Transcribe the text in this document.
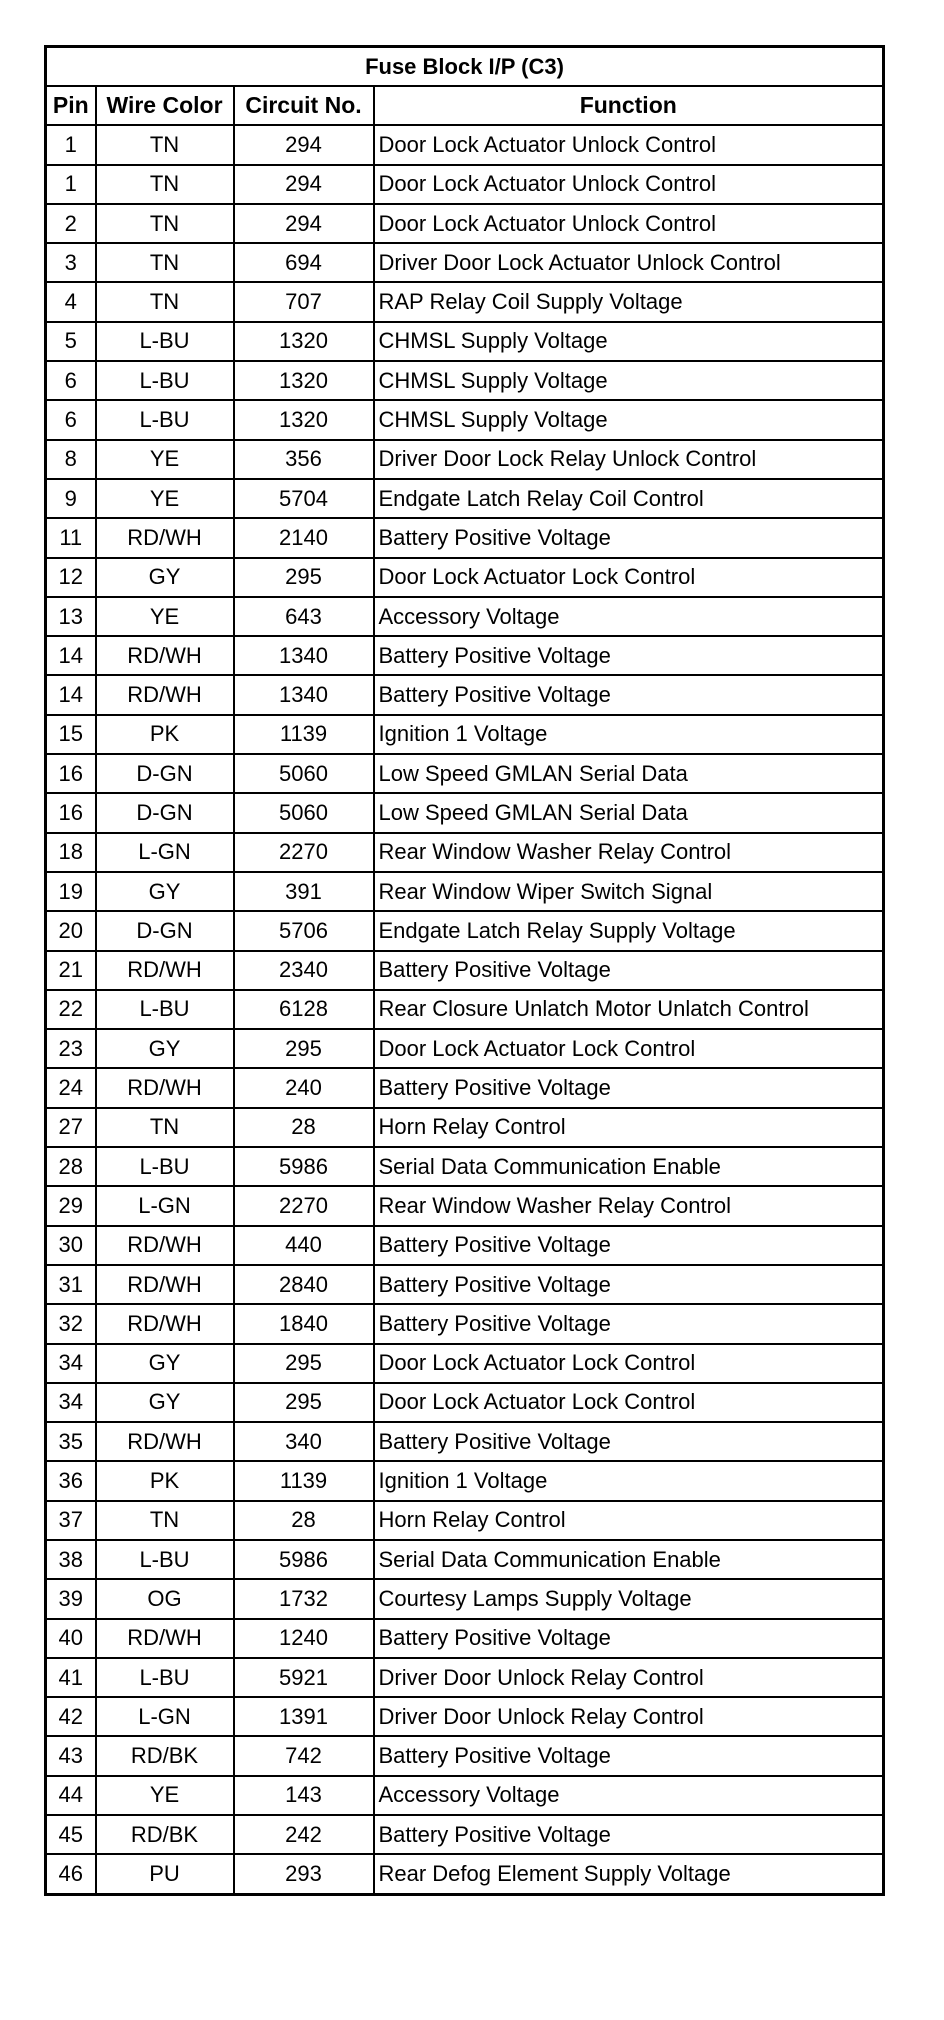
Fuse Block I/P (C3)			
Pin	Wire Color	Circuit No.	Function
1	TN	294	Door Lock Actuator Unlock Control
1	TN	294	Door Lock Actuator Unlock Control
2	TN	294	Door Lock Actuator Unlock Control
3	TN	694	Driver Door Lock Actuator Unlock Control
4	TN	707	RAP Relay Coil Supply Voltage
5	L-BU	1320	CHMSL Supply Voltage
6	L-BU	1320	CHMSL Supply Voltage
6	L-BU	1320	CHMSL Supply Voltage
8	YE	356	Driver Door Lock Relay Unlock Control
9	YE	5704	Endgate Latch Relay Coil Control
11	RD/WH	2140	Battery Positive Voltage
12	GY	295	Door Lock Actuator Lock Control
13	YE	643	Accessory Voltage
14	RD/WH	1340	Battery Positive Voltage
14	RD/WH	1340	Battery Positive Voltage
15	PK	1139	Ignition 1 Voltage
16	D-GN	5060	Low Speed GMLAN Serial Data
16	D-GN	5060	Low Speed GMLAN Serial Data
18	L-GN	2270	Rear Window Washer Relay Control
19	GY	391	Rear Window Wiper Switch Signal
20	D-GN	5706	Endgate Latch Relay Supply Voltage
21	RD/WH	2340	Battery Positive Voltage
22	L-BU	6128	Rear Closure Unlatch Motor Unlatch Control
23	GY	295	Door Lock Actuator Lock Control
24	RD/WH	240	Battery Positive Voltage
27	TN	28	Horn Relay Control
28	L-BU	5986	Serial Data Communication Enable
29	L-GN	2270	Rear Window Washer Relay Control
30	RD/WH	440	Battery Positive Voltage
31	RD/WH	2840	Battery Positive Voltage
32	RD/WH	1840	Battery Positive Voltage
34	GY	295	Door Lock Actuator Lock Control
34	GY	295	Door Lock Actuator Lock Control
35	RD/WH	340	Battery Positive Voltage
36	PK	1139	Ignition 1 Voltage
37	TN	28	Horn Relay Control
38	L-BU	5986	Serial Data Communication Enable
39	OG	1732	Courtesy Lamps Supply Voltage
40	RD/WH	1240	Battery Positive Voltage
41	L-BU	5921	Driver Door Unlock Relay Control
42	L-GN	1391	Driver Door Unlock Relay Control
43	RD/BK	742	Battery Positive Voltage
44	YE	143	Accessory Voltage
45	RD/BK	242	Battery Positive Voltage
46	PU	293	Rear Defog Element Supply Voltage
